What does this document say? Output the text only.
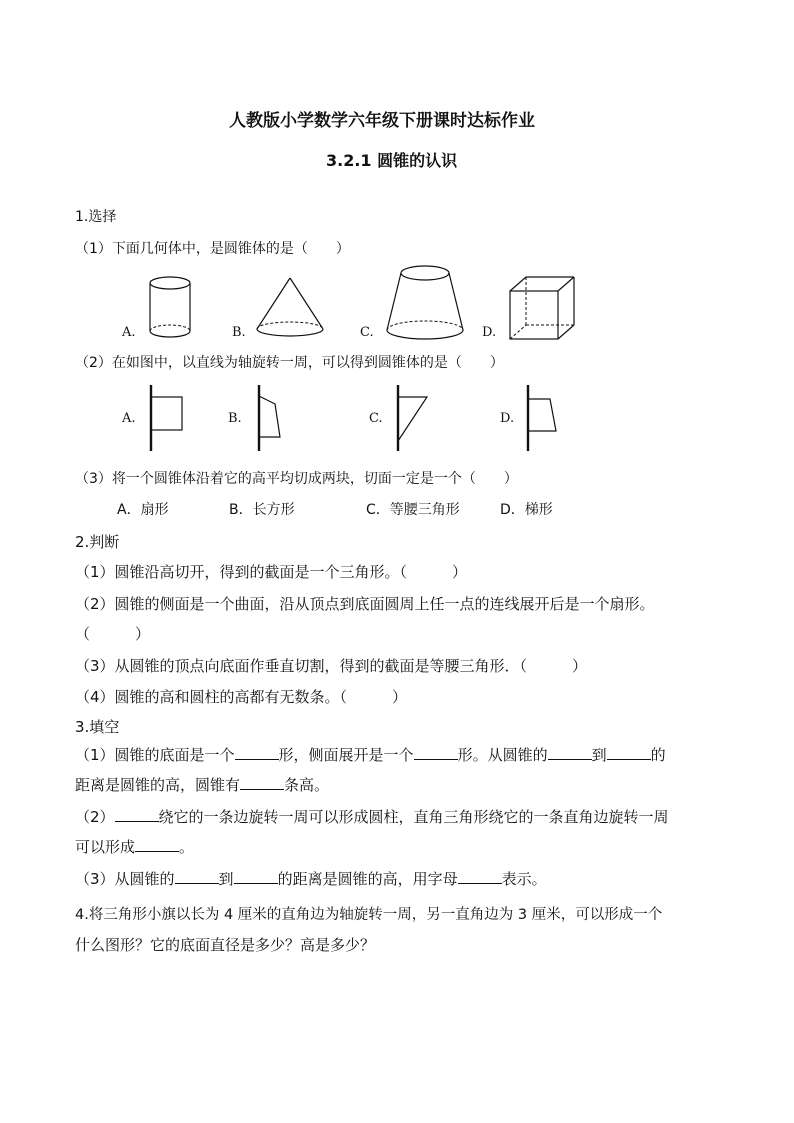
人教版小学数学六年级下册课时达标作业
3.2.1 圆锥的认识
1.选择
（1）下面几何体中，是圆锥体的是（　　）
A.	B.	C.	D.
（2）在如图中，以直线为轴旋转一周，可以得到圆锥体的是（　　）
A.	B.	C.	D.
（3）将一个圆锥体沿着它的高平均切成两块，切面一定是一个（　　）
A．扇形	B．长方形	C．等腰三角形	D．梯形
2.判断
（1）圆锥沿高切开，得到的截面是一个三角形。（　　　）
（2）圆锥的侧面是一个曲面，沿从顶点到底面圆周上任一点的连线展开后是一个扇形。
（　　　）
（3）从圆锥的顶点向底面作垂直切割，得到的截面是等腰三角形．（　　　）
（4）圆锥的高和圆柱的高都有无数条。（　　　）
3.填空
（1）圆锥的底面是一个	形，侧面展开是一个	形。从圆锥的	到	的
距离是圆锥的高，圆锥有	条高。
（2）	绕它的一条边旋转一周可以形成圆柱，直角三角形绕它的一条直角边旋转一周
可以形成	。
（3）从圆锥的	到	的距离是圆锥的高，用字母	表示。
4.将三角形小旗以长为 4 厘米的直角边为轴旋转一周，另一直角边为 3 厘米，可以形成一个
什么图形？它的底面直径是多少？高是多少？
